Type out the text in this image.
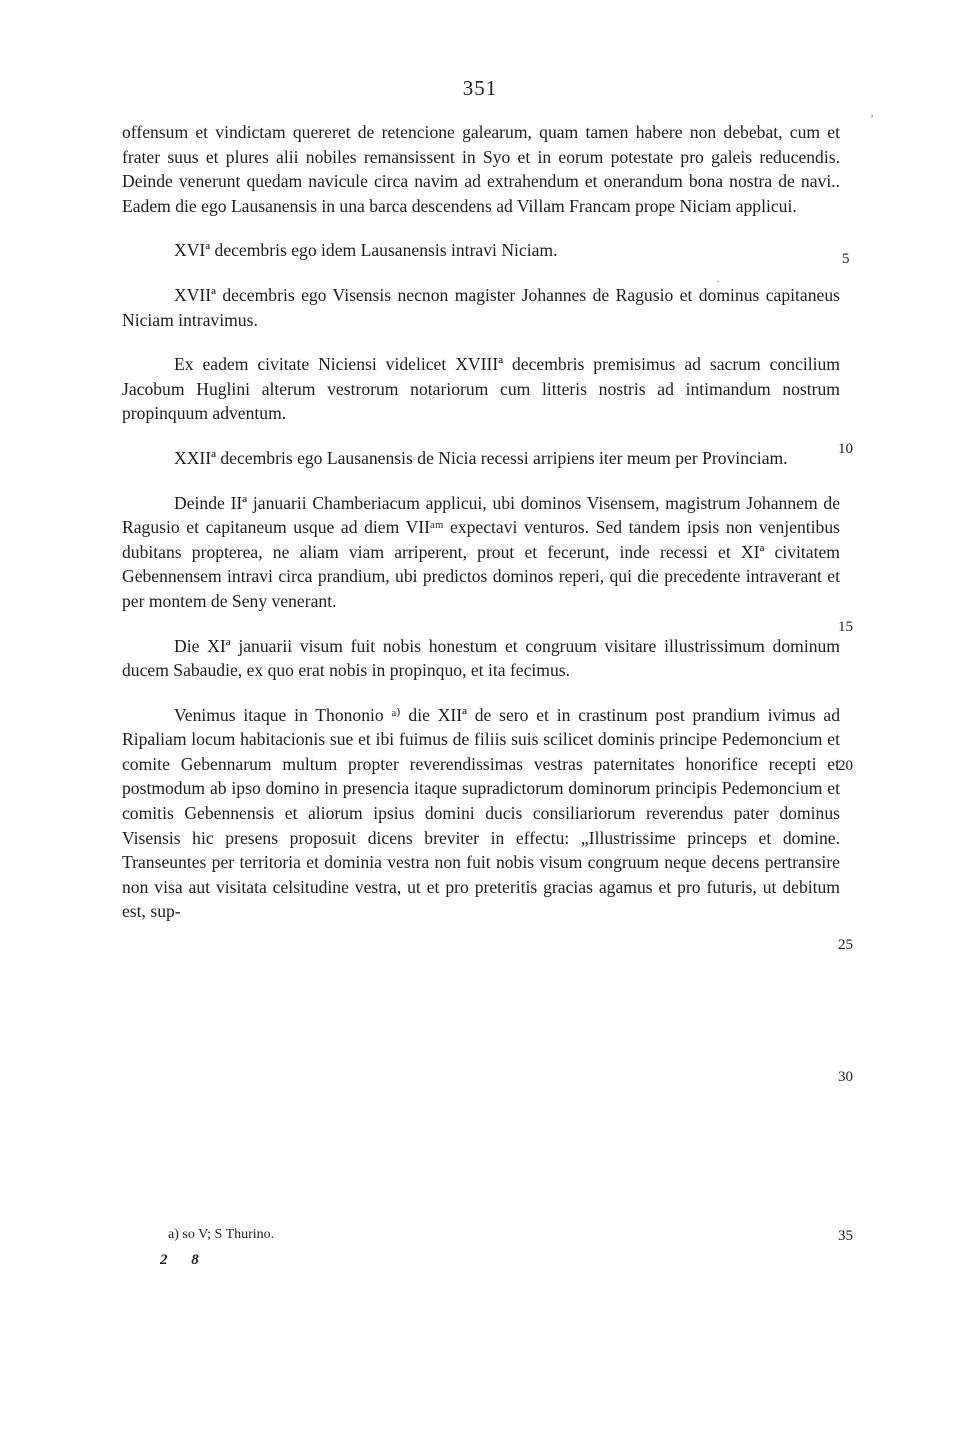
351

offensum et vindictam quereret de retencione galearum, quam tamen habere non debebat, cum et frater suus et plures alii nobiles remansissent in Syo et in eorum potestate pro galeis reducendis. Deinde venerunt quedam navicule circa navim ad extrahendum et onerandum bona nostra de navi.. Eadem die ego Lausanensis in una barca descendens ad Villam Francam prope Niciam applicui.

XVIª decembris ego idem Lausanensis intravi Niciam.

XVIIª decembris ego Visensis necnon magister Johannes de Ragusio et dominus capitaneus Niciam intravimus.

Ex eadem civitate Niciensi videlicet XVIIIª decembris premisimus ad sacrum concilium Jacobum Huglini alterum vestrorum notariorum cum litteris nostris ad intimandum nostrum propinquum adventum.

XXIIª decembris ego Lausanensis de Nicia recessi arripiens iter meum per Provinciam.

Deinde IIª januarii Chamberiacum applicui, ubi dominos Visensem, magistrum Johannem de Ragusio et capitaneum usque ad diem VIIᵃᵐ expectavi venturos. Sed tandem ipsis non venjentibus dubitans propterea, ne aliam viam arriperent, prout et fecerunt, inde recessi et XIª civitatem Gebennensem intravi circa prandium, ubi predictos dominos reperi, qui die precedente intraverant et per montem de Seny venerant.

Die XIª januarii visum fuit nobis honestum et congruum visitare illustrissimum dominum ducem Sabaudie, ex quo erat nobis in propinquo, et ita fecimus.

Venimus itaque in Thononio ᵃ⁾ die XIIª de sero et in crastinum post prandium ivimus ad Ripaliam locum habitacionis sue et ibi fuimus de filiis suis scilicet dominis principe Pedemoncium et comite Gebennarum multum propter reverendissimas vestras paternitates honorifice recepti et postmodum ab ipso domino in presencia itaque supradictorum dominorum principis Pedemoncium et comitis Gebennensis et aliorum ipsius domini ducis consiliariorum reverendus pater dominus Visensis hic presens proposuit dicens breviter in effectu: „Illustrissime princeps et domine. Transeuntes per territoria et dominia vestra non fuit nobis visum congruum neque decens pertransire non visa aut visitata celsitudine vestra, ut et pro preteritis gracias agamus et pro futuris, ut debitum est, sup-

5
10
15
20
25
30
35
a) so V; S Thurino.
2 8
ʼ
·
